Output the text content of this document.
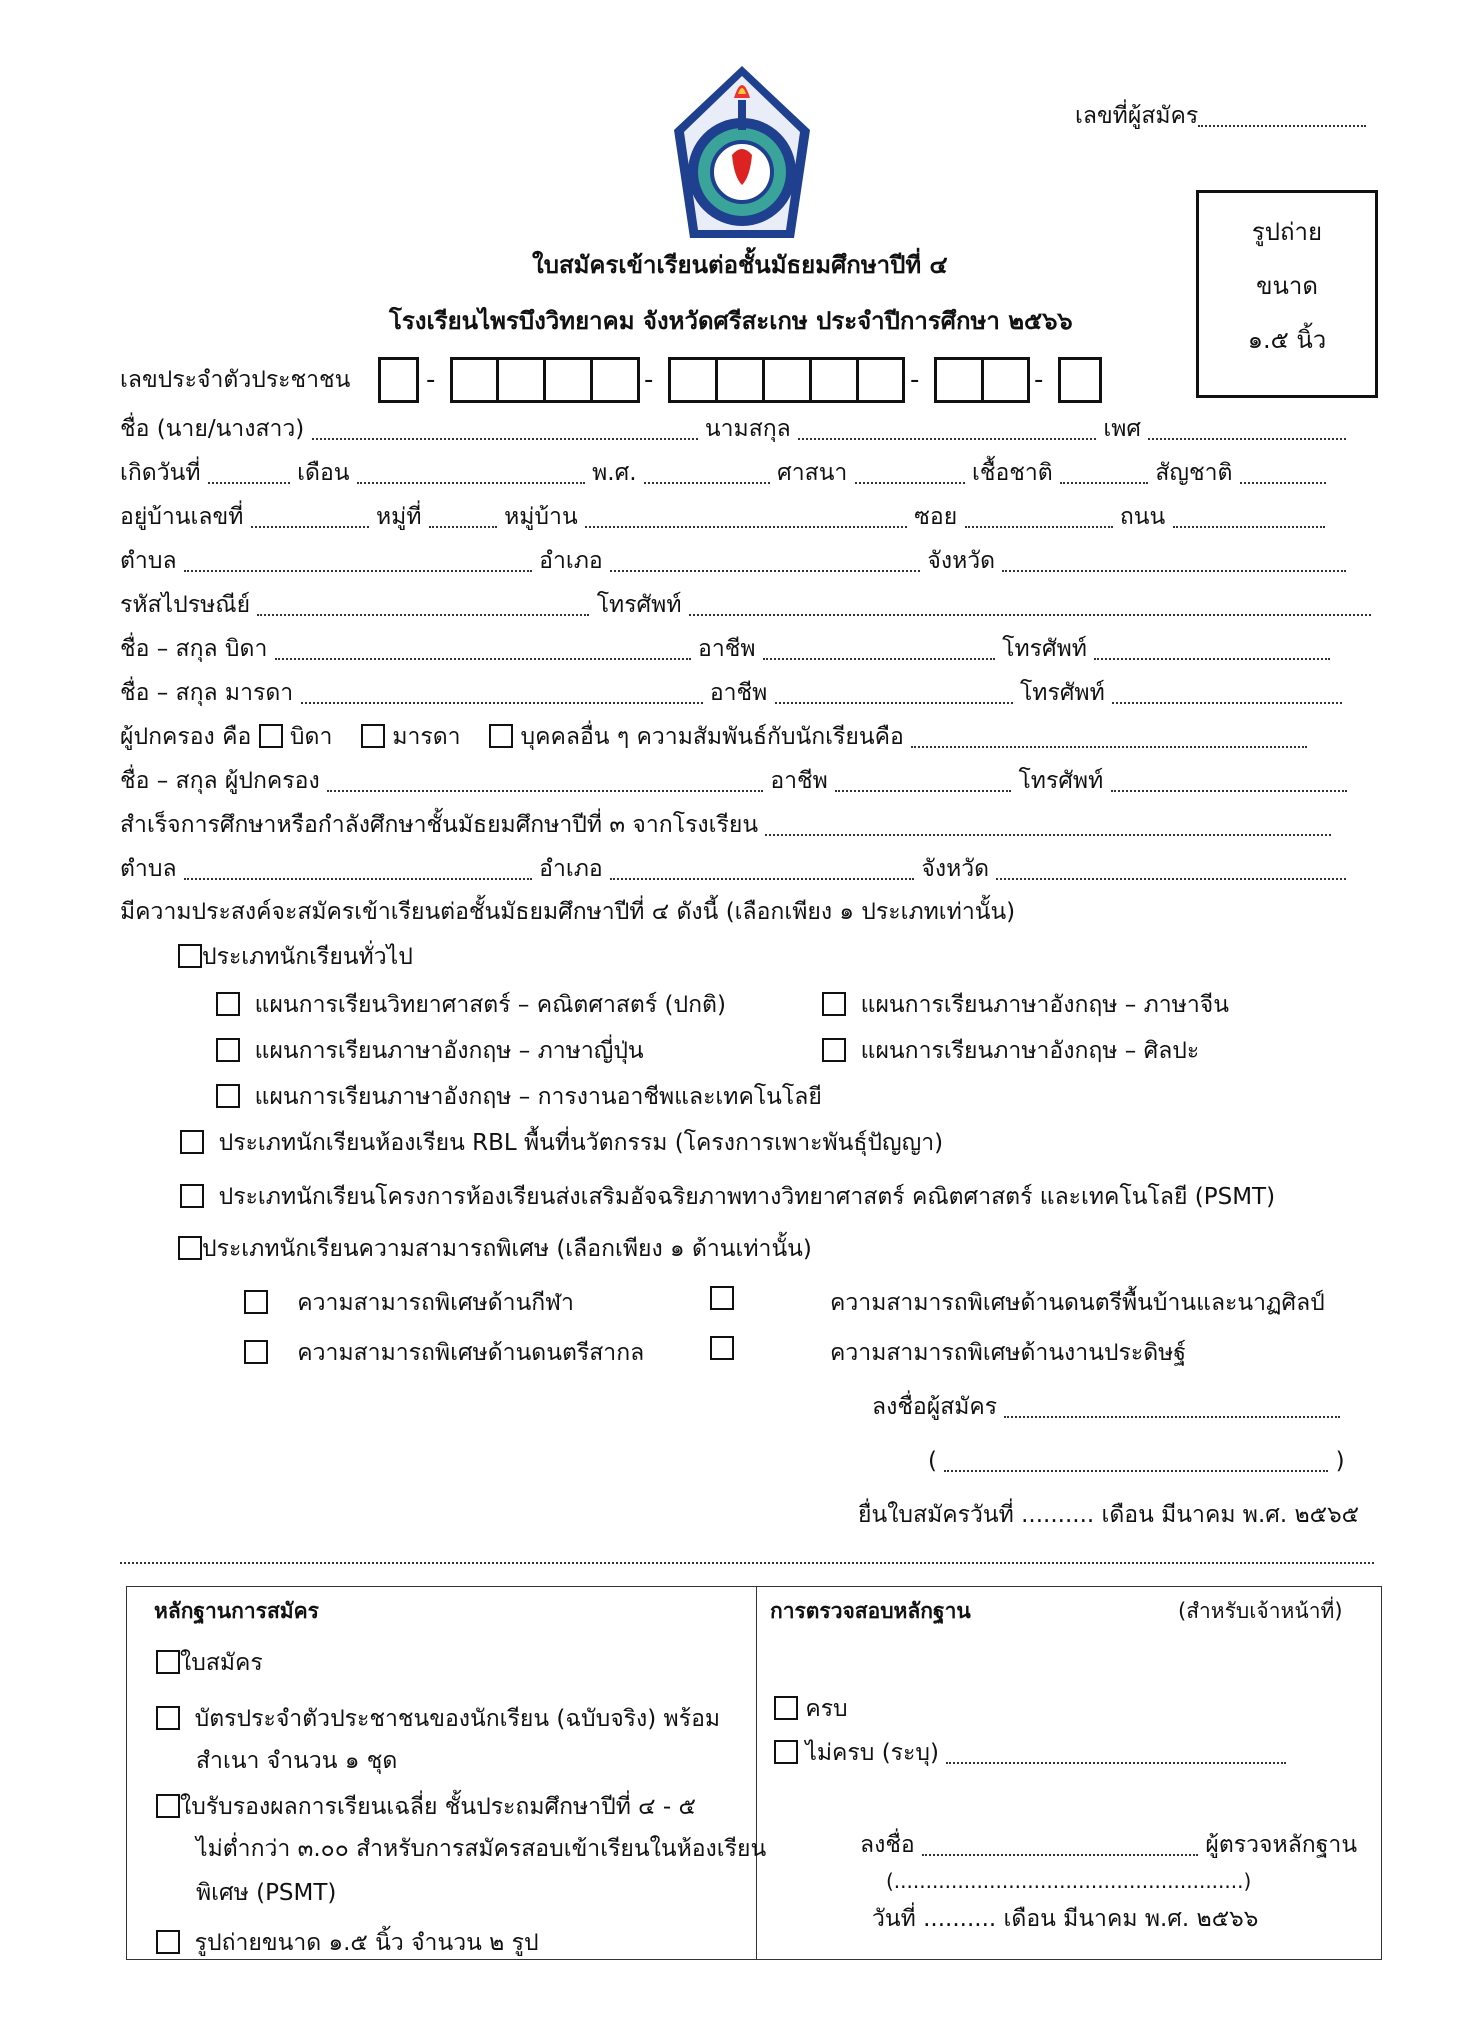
เลขที่ผู้สมัคร
ใบสมัครเข้าเรียนต่อชั้นมัธยมศึกษาปีที่ ๔
โรงเรียนไพรบึงวิทยาคม จังหวัดศรีสะเกษ ประจำปีการศึกษา ๒๕๖๖
รูปถ่าย
ขนาด
๑.๕ นิ้ว
เลขประจำตัวประชาชน	-	-	-	-
ชื่อ (นาย/นางสาว)	นามสกุล	เพศ
เกิดวันที่	เดือน	พ.ศ.	ศาสนา	เชื้อชาติ	สัญชาติ
อยู่บ้านเลขที่	หมู่ที่	หมู่บ้าน	ซอย	ถนน
ตำบล	อำเภอ	จังหวัด
รหัสไปรษณีย์	โทรศัพท์
ชื่อ – สกุล บิดา	อาชีพ	โทรศัพท์
ชื่อ – สกุล มารดา	อาชีพ	โทรศัพท์
ผู้ปกครอง คือ บิดา	มารดา	บุคคลอื่น ๆ ความสัมพันธ์กับนักเรียนคือ
ชื่อ – สกุล ผู้ปกครอง	อาชีพ	โทรศัพท์
สำเร็จการศึกษาหรือกำลังศึกษาชั้นมัธยมศึกษาปีที่ ๓ จากโรงเรียน
ตำบล	อำเภอ	จังหวัด
มีความประสงค์จะสมัครเข้าเรียนต่อชั้นมัธยมศึกษาปีที่ ๔ ดังนี้ (เลือกเพียง ๑ ประเภทเท่านั้น)
ประเภทนักเรียนทั่วไป
แผนการเรียนวิทยาศาสตร์ – คณิตศาสตร์ (ปกติ)	แผนการเรียนภาษาอังกฤษ – ภาษาจีน
แผนการเรียนภาษาอังกฤษ – ภาษาญี่ปุ่น	แผนการเรียนภาษาอังกฤษ – ศิลปะ
แผนการเรียนภาษาอังกฤษ – การงานอาชีพและเทคโนโลยี
ประเภทนักเรียนห้องเรียน RBL พื้นที่นวัตกรรม (โครงการเพาะพันธุ์ปัญญา)
ประเภทนักเรียนโครงการห้องเรียนส่งเสริมอัจฉริยภาพทางวิทยาศาสตร์ คณิตศาสตร์ และเทคโนโลยี (PSMT)
ประเภทนักเรียนความสามารถพิเศษ (เลือกเพียง ๑ ด้านเท่านั้น)
ความสามารถพิเศษด้านกีฬา	ความสามารถพิเศษด้านดนตรีพื้นบ้านและนาฏศิลป์
ความสามารถพิเศษด้านดนตรีสากล	ความสามารถพิเศษด้านงานประดิษฐ์
ลงชื่อผู้สมัคร
(	)
ยื่นใบสมัครวันที่ .......... เดือน มีนาคม พ.ศ. ๒๕๖๕
หลักฐานการสมัคร
ใบสมัคร
บัตรประจำตัวประชาชนของนักเรียน (ฉบับจริง) พร้อม
สำเนา จำนวน ๑ ชุด
ใบรับรองผลการเรียนเฉลี่ย ชั้นประถมศึกษาปีที่ ๔ - ๕
ไม่ต่ำกว่า ๓.๐๐ สำหรับการสมัครสอบเข้าเรียนในห้องเรียน
พิเศษ (PSMT)
รูปถ่ายขนาด ๑.๕ นิ้ว จำนวน ๒ รูป
การตรวจสอบหลักฐาน	(สำหรับเจ้าหน้าที่)
ครบ
ไม่ครบ (ระบุ)
ลงชื่อ	ผู้ตรวจหลักฐาน
(.......................................................)
วันที่ .......... เดือน มีนาคม พ.ศ. ๒๕๖๖
